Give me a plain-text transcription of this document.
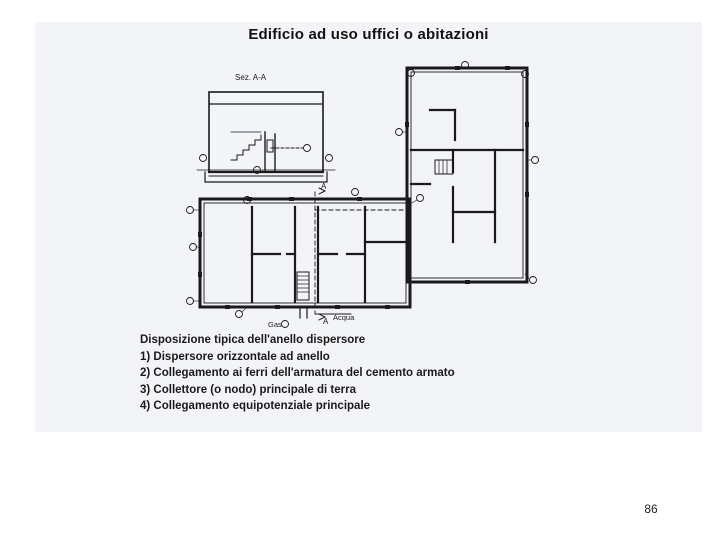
Edificio ad uso uffici o abitazioni
Sez. A-A
A
A
Gas
Acqua
Disposizione tipica dell'anello dispersore
1) Dispersore orizzontale ad anello
2) Collegamento ai ferri dell'armatura del cemento armato
3) Collettore (o nodo) principale di terra
4) Collegamento equipotenziale principale
86
